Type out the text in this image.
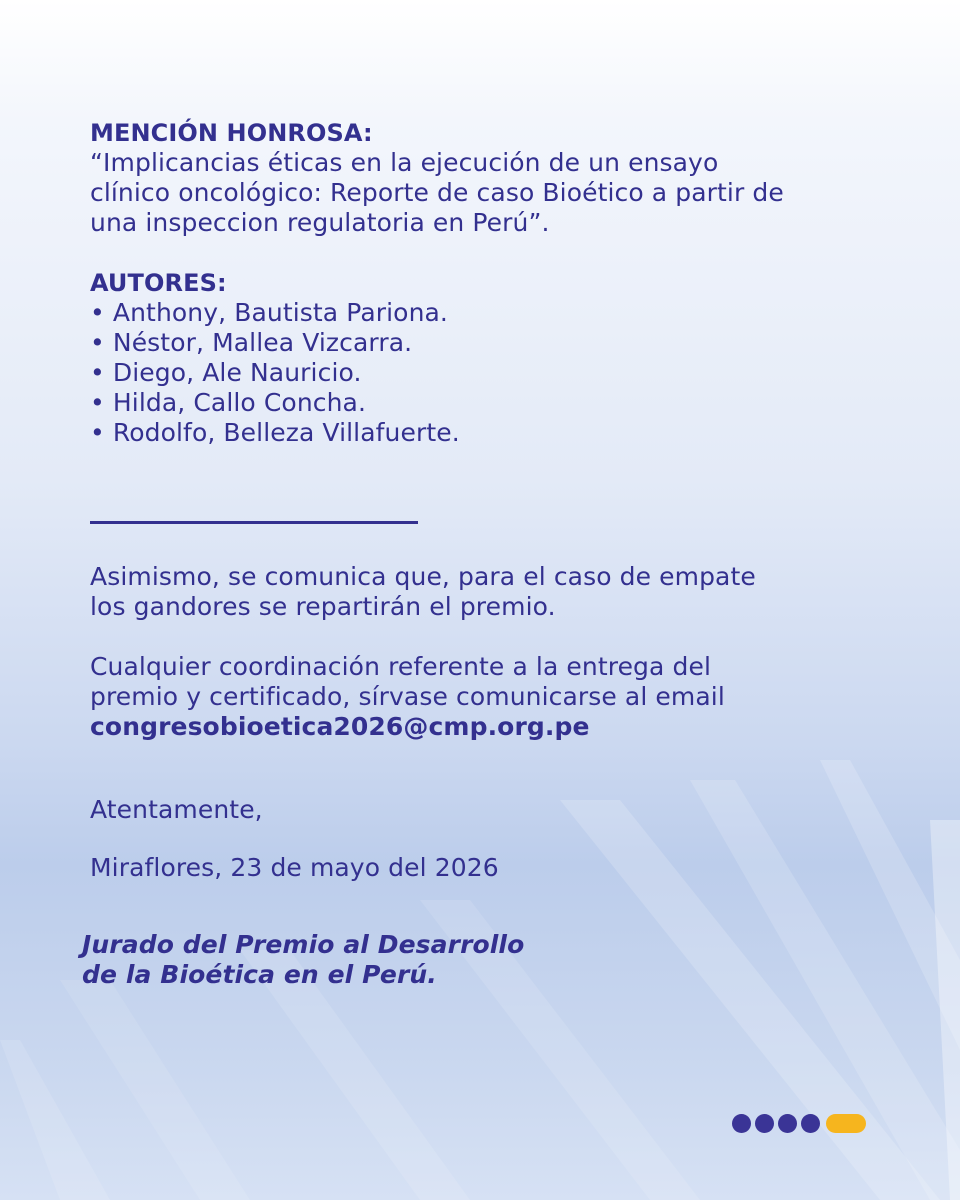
MENCIÓN HONROSA:
“Implicancias éticas en la ejecución de un ensayo
clínico oncológico: Reporte de caso Bioético a partir de
una inspeccion regulatoria en Perú”.
AUTORES:
• Anthony, Bautista Pariona.
• Néstor, Mallea Vizcarra.
• Diego, Ale Nauricio.
• Hilda, Callo Concha.
• Rodolfo, Belleza Villafuerte.
Asimismo, se comunica que, para el caso de empate
los gandores se repartirán el premio.
Cualquier coordinación referente a la entrega del
premio y certificado, sírvase comunicarse al email
congresobioetica2026@cmp.org.pe
Atentamente,
Miraflores, 23 de mayo del 2026
Jurado del Premio al Desarrollo
de la Bioética en el Perú.
